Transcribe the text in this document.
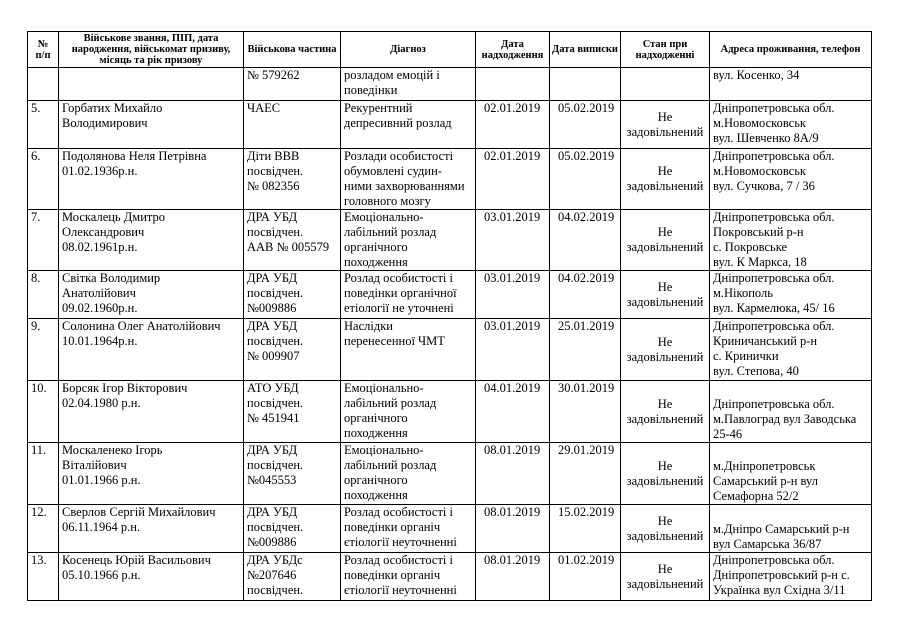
№
п/п	Військове звання, ПІП, дата народження, військомат призиву, місяць та рік призову	Військова частина	Діагноз	Дата надходження	Дата виписки	Стан при надходженні	Адреса проживання, телефон
		№ 579262	розладом емоцій і
поведінки				вул. Косенко, 34
5.	Горбатих Михайло
Володимирович	ЧАЕС	Рекурентний
депресивний розлад	02.01.2019	05.02.2019	Не
задовільнений	Дніпропетровська обл.
м.Новомосковськ
вул. Шевченко 8А/9
6.	Подолянова Неля Петрівна
01.02.1936р.н.	Діти ВВВ
посвідчен.
№ 082356	Розлади особистості
обумовлені судин-
ними захворюваннями
головного мозгу	02.01.2019	05.02.2019	Не
задовільнений	Дніпропетровська обл.
м.Новомосковськ
вул. Сучкова, 7 / 36
7.	Москалець Дмитро
Олександрович
08.02.1961р.н.	ДРА УБД
посвідчен.
ААВ № 005579	Емоціонально-
лабільний розлад
органічного
походження	03.01.2019	04.02.2019	Не
задовільнений	Дніпропетровська обл.
Покровський р-н
с. Покровське
вул. К Маркса, 18
8.	Світка Володимир
Анатолійович
09.02.1960р.н.	ДРА УБД
посвідчен.
№009886	Розлад особистості і
поведінки органічної
етіології не уточнені	03.01.2019	04.02.2019	Не
задовільнений	Дніпропетровська обл.
м.Нікополь
вул. Кармелюка, 45/ 16
9.	Солонина Олег Анатолійович
10.01.1964р.н.	ДРА УБД
посвідчен.
№ 009907	Наслідки
перенесенної ЧМТ	03.01.2019	25.01.2019	Не
задовільнений	Дніпропетровська обл.
Криничанський р-н
с. Кринички
вул. Степова, 40
10.	Борсяк Ігор Вікторович
02.04.1980 р.н.	АТО УБД
посвідчен.
№ 451941	Емоціонально-
лабільний розлад
органічного
походження	04.01.2019	30.01.2019	Не
задовільнений	Дніпропетровська обл.
м.Павлоград вул Заводська
25-46
11.	Москаленеко Ігорь
Віталійович
01.01.1966 р.н.	ДРА УБД
посвідчен.
№045553	Емоціонально-
лабільний розлад
органічного
походження	08.01.2019	29.01.2019	Не
задовільнений	м.Дніпропетровськ
Самарський р-н вул
Семафорна 52/2
12.	Сверлов Сергій Михайлович
06.11.1964 р.н.	ДРА УБД
посвідчен.
№009886	Розлад особистості і
поведінки органіч
єтіології неуточненні	08.01.2019	15.02.2019	Не
задовільнений	м.Дніпро Самарський р-н
вул Самарська 36/87
13.	Косенець Юрій Васильович
05.10.1966 р.н.	ДРА УБДс
№207646
посвідчен.	Розлад особистості і
поведінки органіч
єтіології неуточненні	08.01.2019	01.02.2019	Не
задовільнений	Дніпропетровська обл.
Дніпропетровський р-н с.
Українка вул Східна 3/11
